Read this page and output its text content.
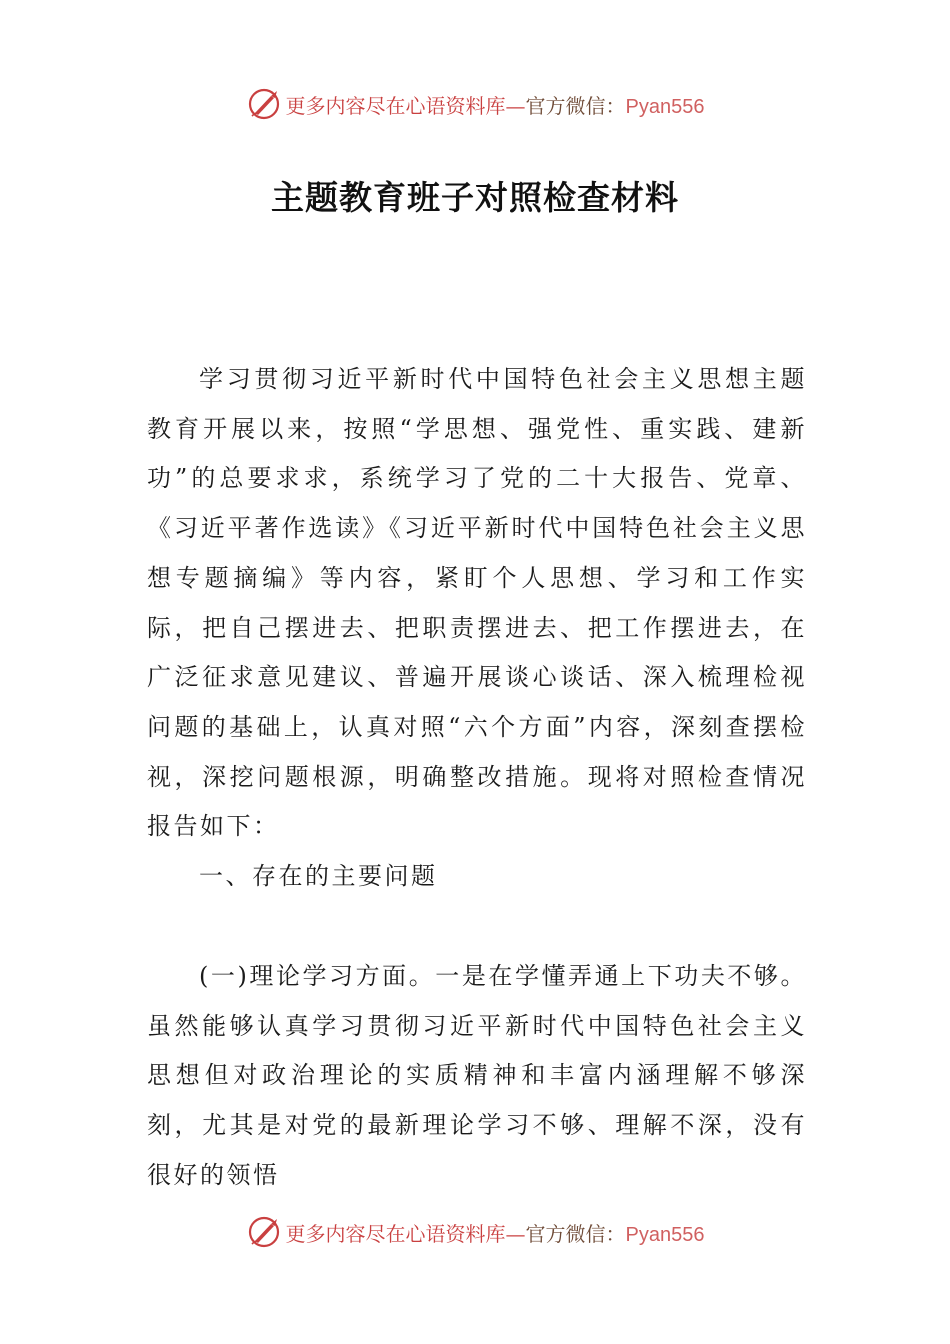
更多内容尽在心语资料库—官方微信：Pyan556
主题教育班子对照检查材料

学习贯彻习近平新时代中国特色社会主义思想主题教育开展以来，按照“学思想、强党性、重实践、建新功”的总要求求，系统学习了党的二十大报告、党章、《习近平著作选读》《习近平新时代中国特色社会主义思想专题摘编》等内容，紧盯个人思想、学习和工作实际，把自己摆进去、把职责摆进去、把工作摆进去，在广泛征求意见建议、普遍开展谈心谈话、深入梳理检视问题的基础上，认真对照“六个方面”内容，深刻查摆检视，深挖问题根源，明确整改措施。现将对照检查情况报告如下：

一、存在的主要问题

(一)理论学习方面。一是在学懂弄通上下功夫不够。虽然能够认真学习贯彻习近平新时代中国特色社会主义思想但对政治理论的实质精神和丰富内涵理解不够深刻，尤其是对党的最新理论学习不够、理解不深，没有很好的领悟

更多内容尽在心语资料库—官方微信：Pyan556
